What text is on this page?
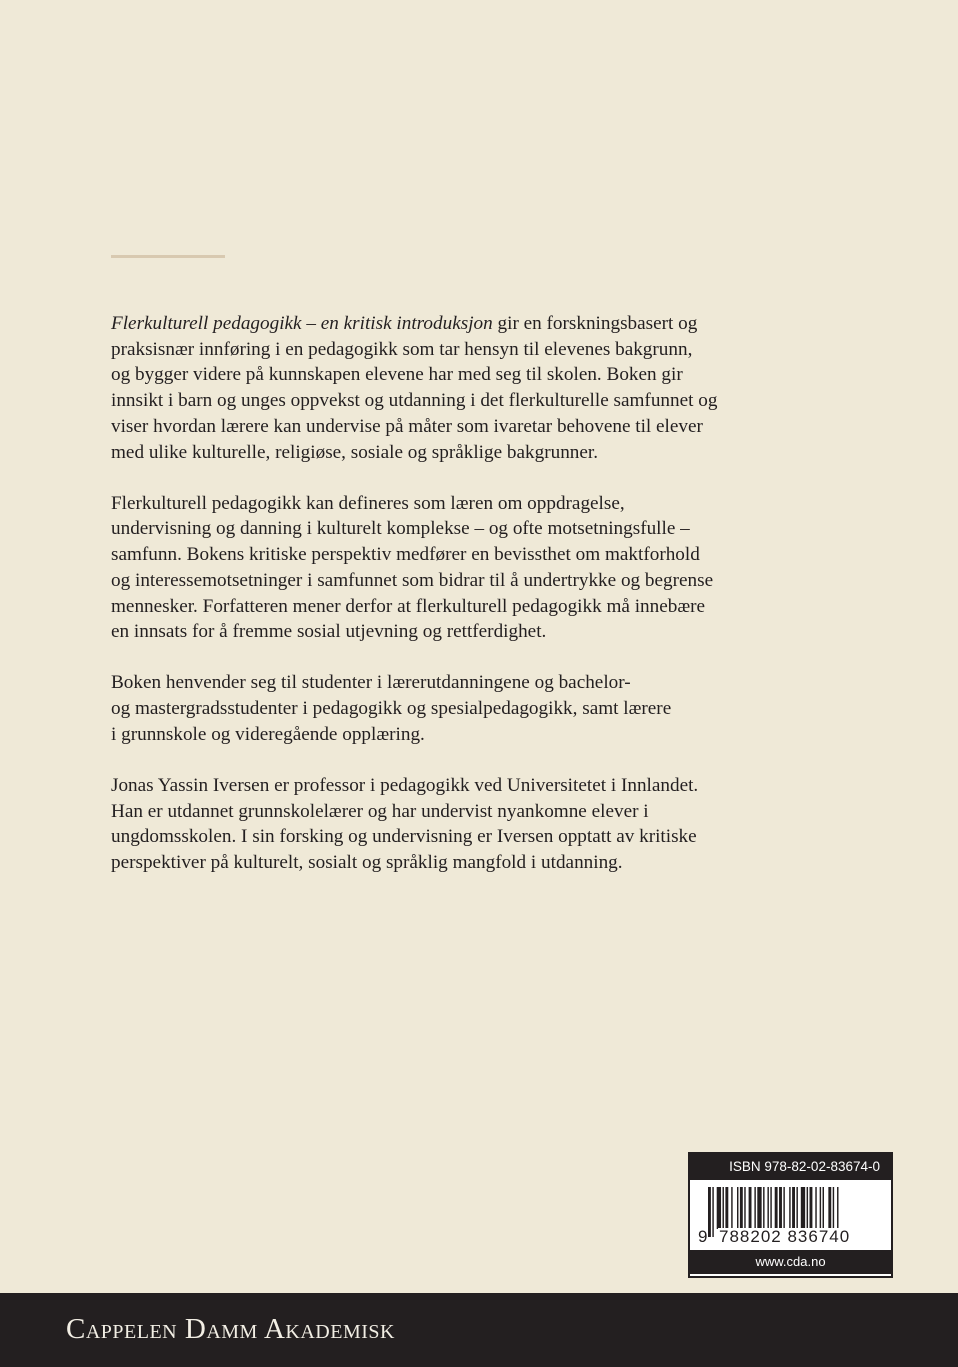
Flerkulturell pedagogikk – en kritisk introduksjon gir en forskningsbasert og
praksisnær innføring i en pedagogikk som tar hensyn til elevenes bakgrunn,
og bygger videre på kunnskapen elevene har med seg til skolen. Boken gir
innsikt i barn og unges oppvekst og utdanning i det flerkulturelle samfunnet og
viser hvordan lærere kan undervise på måter som ivaretar behovene til elever
med ulike kulturelle, religiøse, sosiale og språklige bakgrunner.

Flerkulturell pedagogikk kan defineres som læren om oppdragelse,
undervisning og danning i kulturelt komplekse – og ofte motsetningsfulle –
samfunn. Bokens kritiske perspektiv medfører en bevissthet om maktforhold
og interessemotsetninger i samfunnet som bidrar til å undertrykke og begrense
mennesker. Forfatteren mener derfor at flerkulturell pedagogikk må innebære
en innsats for å fremme sosial utjevning og rettferdighet.

Boken henvender seg til studenter i lærerutdanningene og bachelor-
og mastergradsstudenter i pedagogikk og spesialpedagogikk, samt lærere
i grunnskole og videregående opplæring.

Jonas Yassin Iversen er professor i pedagogikk ved Universitetet i Innlandet.
Han er utdannet grunnskolelærer og har undervist nyankomne elever i
ungdomsskolen. I sin forsking og undervisning er Iversen opptatt av kritiske
perspektiver på kulturelt, sosialt og språklig mangfold i utdanning.

ISBN 978-82-02-83674-0
9 788202 836740
www.cda.no
Cappelen Damm Akademisk
